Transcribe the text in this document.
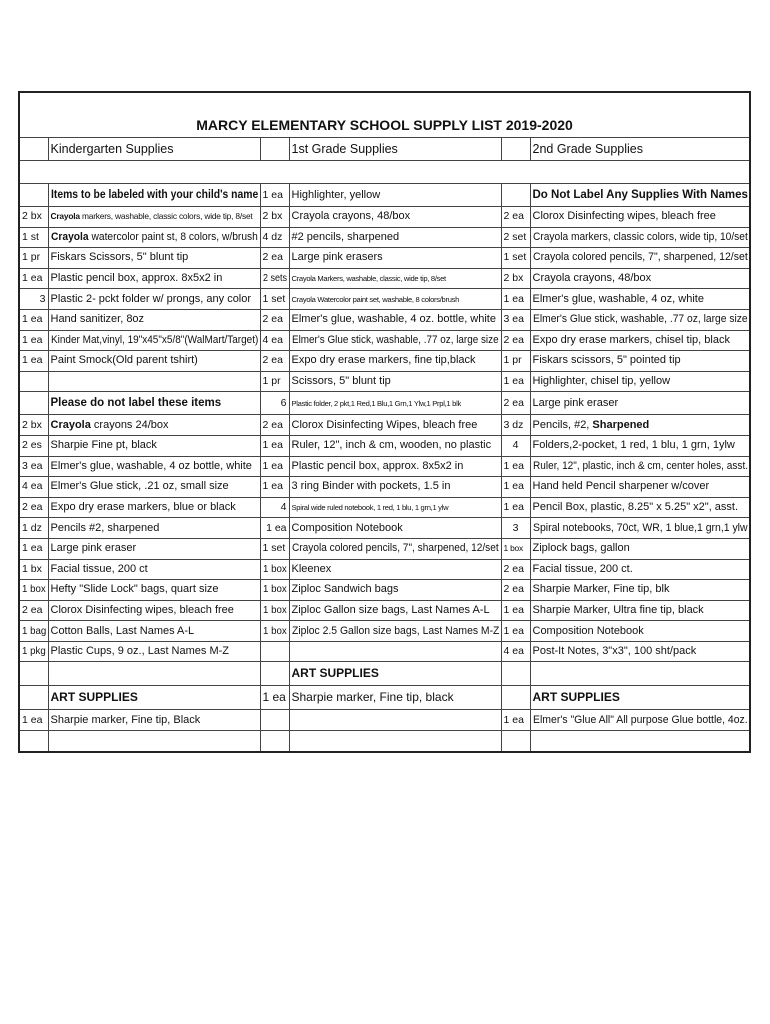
MARCY ELEMENTARY SCHOOL SUPPLY LIST 2019-2020					
	Kindergarten Supplies		1st Grade Supplies		2nd Grade Supplies

	Items to be labeled with your child's name	1 ea	Highlighter, yellow		Do Not Label Any Supplies With Names
2 bx	Crayola markers, washable, classic colors, wide tip, 8/set	2 bx	Crayola crayons, 48/box	2 ea	Clorox Disinfecting wipes, bleach free
1 st	Crayola watercolor paint st, 8 colors, w/brush	4 dz	#2 pencils, sharpened	2 set	Crayola markers, classic colors, wide tip, 10/set
1 pr	Fiskars Scissors, 5" blunt tip	2 ea	Large pink erasers	1 set	Crayola colored pencils, 7", sharpened, 12/set
1 ea	Plastic pencil box, approx. 8x5x2 in	2 sets	Crayola Markers, washable, classic, wide tip, 8/set	2 bx	Crayola crayons, 48/box
3	Plastic 2- pckt folder w/ prongs, any color	1 set	Crayola Watercolor paint set, washable, 8 colors/brush	1 ea	Elmer's glue, washable, 4 oz, white
1 ea	Hand sanitizer, 8oz	2 ea	Elmer's glue, washable, 4 oz. bottle, white	3 ea	Elmer's Glue stick, washable, .77 oz, large size
1 ea	Kinder Mat,vinyl, 19"x45"x5/8"(WalMart/Target)	4 ea	Elmer's Glue stick, washable, .77 oz, large size	2 ea	Expo dry erase markers, chisel tip, black
1 ea	Paint Smock(Old parent tshirt)	2 ea	Expo dry erase markers, fine tip,black	1 pr	Fiskars scissors, 5" pointed tip
		1 pr	Scissors, 5" blunt tip	1 ea	Highlighter, chisel tip, yellow
	Please do not label these items	6	Plastic folder, 2 pkt,1 Red,1 Blu,1 Grn,1 Ylw,1 Prpl,1 blk	2 ea	Large pink eraser
2 bx	Crayola crayons 24/box	2 ea	Clorox Disinfecting Wipes, bleach free	3 dz	Pencils, #2, Sharpened
2 es	Sharpie Fine pt, black	1 ea	Ruler, 12", inch & cm, wooden, no plastic	4	Folders,2-pocket, 1 red, 1 blu, 1 grn, 1ylw
3 ea	Elmer's glue, washable, 4 oz bottle, white	1 ea	Plastic pencil box, approx. 8x5x2 in	1 ea	Ruler, 12", plastic, inch & cm, center holes, asst.
4 ea	Elmer's Glue stick, .21 oz, small size	1 ea	3 ring Binder with pockets, 1.5 in	1 ea	Hand held Pencil sharpener w/cover
2 ea	Expo dry erase markers, blue or black	4	Spiral wide ruled notebook, 1 red, 1 blu, 1 grn,1 ylw	1 ea	Pencil Box, plastic, 8.25" x 5.25" x2", asst.
1 dz	Pencils #2, sharpened	1 ea	Composition Notebook	3	Spiral notebooks, 70ct, WR, 1 blue,1 grn,1 ylw
1 ea	Large pink eraser	1 set	Crayola colored pencils, 7", sharpened, 12/set	1 box	Ziplock bags, gallon
1 bx	Facial tissue, 200 ct	1 box	Kleenex	2 ea	Facial tissue, 200 ct.
1 box	Hefty "Slide Lock" bags, quart size	1 box	Ziploc Sandwich bags	2 ea	Sharpie Marker, Fine tip, blk
2 ea	Clorox Disinfecting wipes, bleach free	1 box	Ziploc Gallon size bags, Last Names A-L	1 ea	Sharpie Marker, Ultra fine tip, black
1 bag	Cotton Balls, Last Names A-L	1 box	Ziploc 2.5 Gallon size bags, Last Names M-Z	1 ea	Composition Notebook
1 pkg	Plastic Cups, 9 oz., Last Names M-Z			4 ea	Post-It Notes, 3"x3", 100 sht/pack
			ART SUPPLIES		
	ART SUPPLIES	1 ea	Sharpie marker, Fine tip, black		ART SUPPLIES
1 ea	Sharpie marker, Fine tip, Black			1 ea	Elmer's "Glue All" All purpose Glue bottle, 4oz.
